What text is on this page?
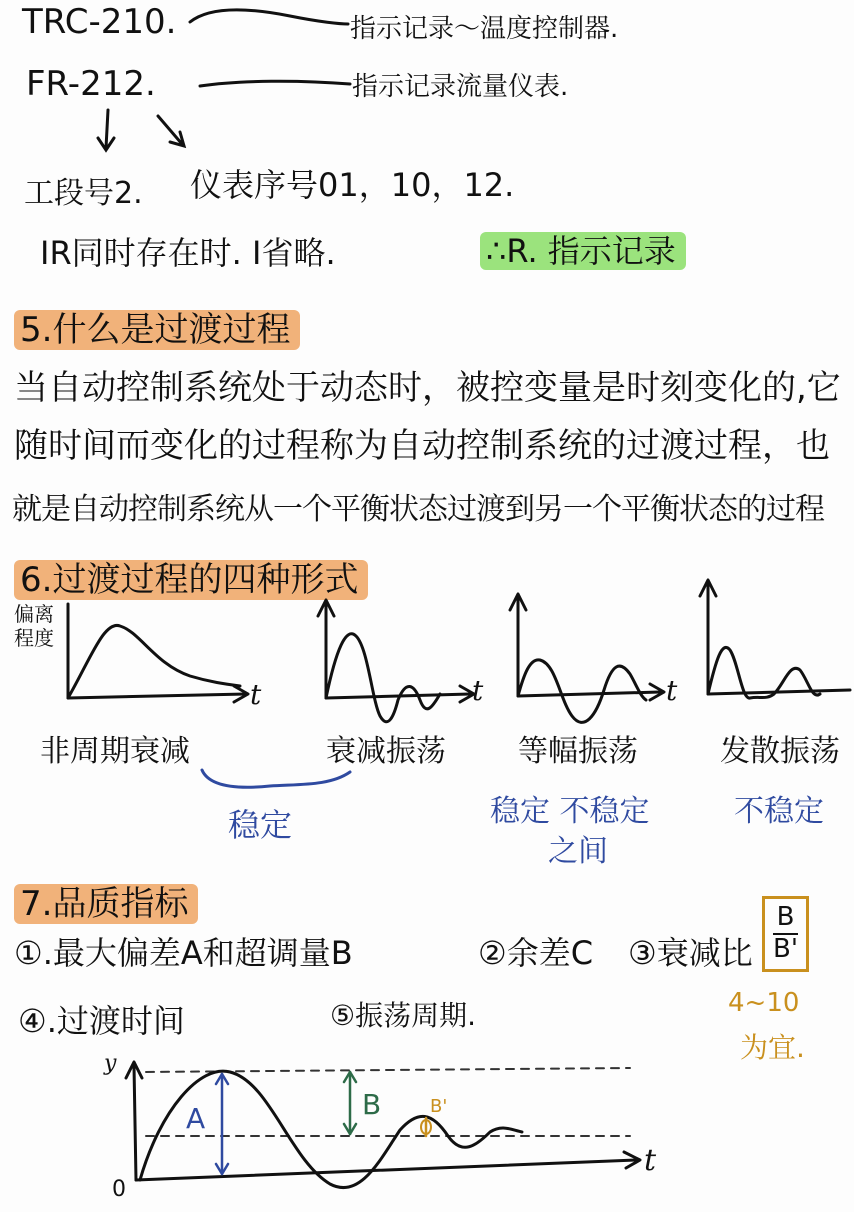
TRC-210.	指示记录～温度控制器.
FR-212.	指示记录流量仪表.
工段号2. 仪表序号01，10，12.
IR同时存在时. I省略.	∴R. 指示记录
5.什么是过渡过程
当自动控制系统处于动态时，被控变量是时刻变化的,它
随时间而变化的过程称为自动控制系统的过渡过程，也
就是自动控制系统从一个平衡状态过渡到另一个平衡状态的过程
6.过渡过程的四种形式
偏离
程度
t	t
t
非周期衰减	衰减振荡 等幅振荡	发散振荡
稳定	稳定 不稳定
之间
不稳定
7.品质指标
①.最大偏差A和超调量B	②余差C ③衰减比 $\frac{B}{B'}$
④.过渡时间	⑤振荡周期.	4~10
为宜.
y
0
t
A	B	B'
